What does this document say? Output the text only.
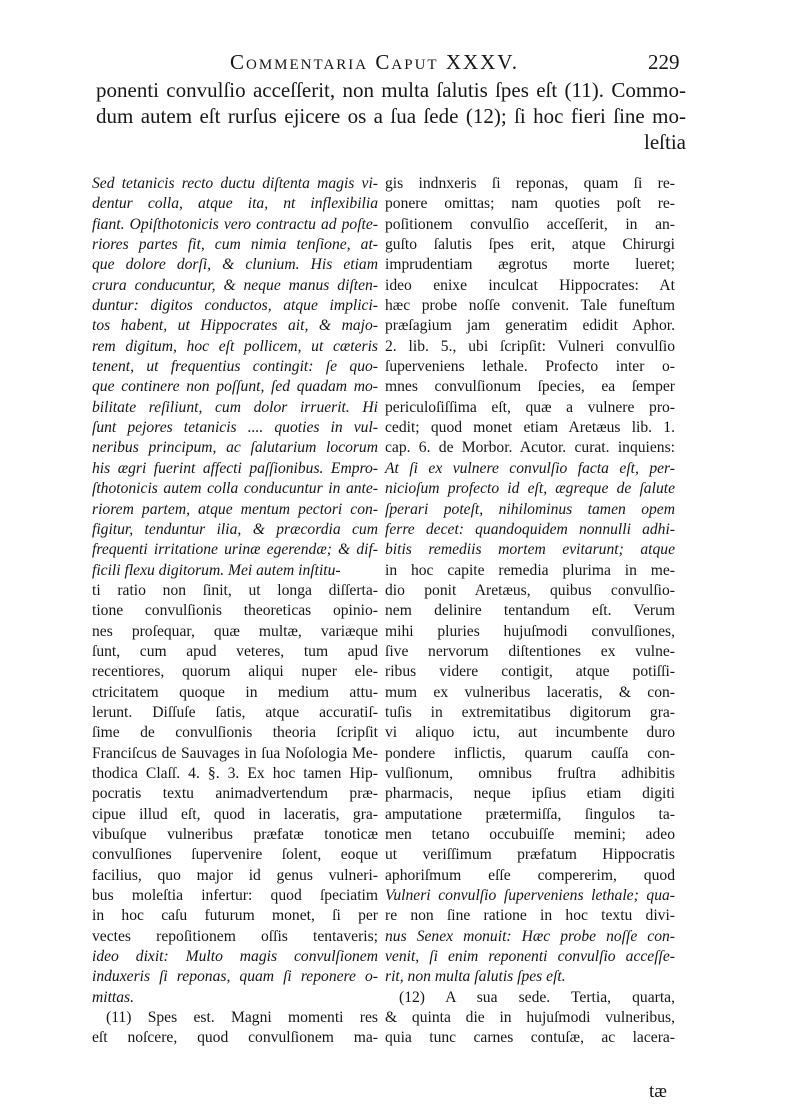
Commentaria Caput XXXV.	229
ponenti convulſio acceſſerit, non multa ſalutis ſpes eſt (11). Commo-
dum autem eſt rurſus ejicere os a ſua ſede (12); ſi hoc fieri ſine mo-
leſtia
Sed tetanicis recto ductu diſtenta magis vi-
dentur colla, atque ita, nt inflexibilia
fiant. Opiſthotonicis vero contractu ad poſte-
riores partes fit, cum nimia tenſione, at-
que dolore dorſi, & clunium. His etiam
crura conducuntur, & neque manus diſten-
duntur: digitos conductos, atque implici-
tos habent, ut Hippocrates ait, & majo-
rem digitum, hoc eſt pollicem, ut cæteris
tenent, ut frequentius contingit: ſe quo-
que continere non poſſunt, ſed quadam mo-
bilitate reſiliunt, cum dolor irruerit. Hi
ſunt pejores tetanicis .... quoties in vul-
neribus principum, ac ſalutarium locorum
his ægri fuerint affecti paſſionibus. Empro-
ſthotonicis autem colla conducuntur in ante-
riorem partem, atque mentum pectori con-
figitur, tenduntur ilia, & præcordia cum
frequenti irritatione urinæ egerendæ; & dif-
ficili flexu digitorum. Mei autem inſtitu-
ti ratio non ſinit, ut longa diſſerta-
tione convulſionis theoreticas opinio-
nes proſequar, quæ multæ, variæque
ſunt, cum apud veteres, tum apud
recentiores, quorum aliqui nuper ele-
ctricitatem quoque in medium attu-
lerunt. Diſſuſe ſatis, atque accuratiſ-
ſime de convulſionis theoria ſcripſit
Franciſcus de Sauvages in ſua Noſologia Me-
thodica Claſſ. 4. §. 3. Ex hoc tamen Hip-
pocratis textu animadvertendum præ-
cipue illud eſt, quod in laceratis, gra-
vibuſque vulneribus præfatæ tonoticæ
convulſiones ſupervenire ſolent, eoque
facilius, quo major id genus vulneri-
bus moleſtia infertur: quod ſpeciatim
in hoc caſu futurum monet, ſi per
vectes repoſitionem oſſis tentaveris;
ideo dixit: Multo magis convulſionem
induxeris ſi reponas, quam ſi reponere o-
mittas.
(11) Spes est. Magni momenti res
eſt noſcere, quod convulſionem ma-
gis indnxeris ſi reponas, quam ſi re-
ponere omittas; nam quoties poſt re-
poſitionem convulſio acceſſerit, in an-
guſto ſalutis ſpes erit, atque Chirurgi
imprudentiam ægrotus morte lueret;
ideo enixe inculcat Hippocrates: At
hæc probe noſſe convenit. Tale funeſtum
præſagium jam generatim edidit Aphor.
2. lib. 5., ubi ſcripſit: Vulneri convulſio
ſuperveniens lethale. Profecto inter o-
mnes convulſionum ſpecies, ea ſemper
periculoſiſſima eſt, quæ a vulnere pro-
cedit; quod monet etiam Aretæus lib. 1.
cap. 6. de Morbor. Acutor. curat. inquiens:
At ſi ex vulnere convulſio facta eſt, per-
nicioſum profecto id eſt, ægreque de ſalute
ſperari poteſt, nihilominus tamen opem
ferre decet: quandoquidem nonnulli adhi-
bitis remediis mortem evitarunt; atque
in hoc capite remedia plurima in me-
dio ponit Aretæus, quibus convulſio-
nem delinire tentandum eſt. Verum
mihi pluries hujuſmodi convulſiones,
ſive nervorum diſtentiones ex vulne-
ribus videre contigit, atque potiſſi-
mum ex vulneribus laceratis, & con-
tuſis in extremitatibus digitorum gra-
vi aliquo ictu, aut incumbente duro
pondere inflictis, quarum cauſſa con-
vulſionum, omnibus fruſtra adhibitis
pharmacis, neque ipſius etiam digiti
amputatione prætermiſſa, ſingulos ta-
men tetano occubuiſſe memini; adeo
ut veriſſimum præfatum Hippocratis
aphoriſmum eſſe compererim, quod
Vulneri convulſio ſuperveniens lethale; qua-
re non ſine ratione in hoc textu divi-
nus Senex monuit: Hæc probe noſſe con-
venit, ſi enim reponenti convulſio acceſſe-
rit, non multa ſalutis ſpes eſt.
(12) A sua sede. Tertia, quarta,
& quinta die in hujuſmodi vulneribus,
quia tunc carnes contuſæ, ac lacera-
tæ
